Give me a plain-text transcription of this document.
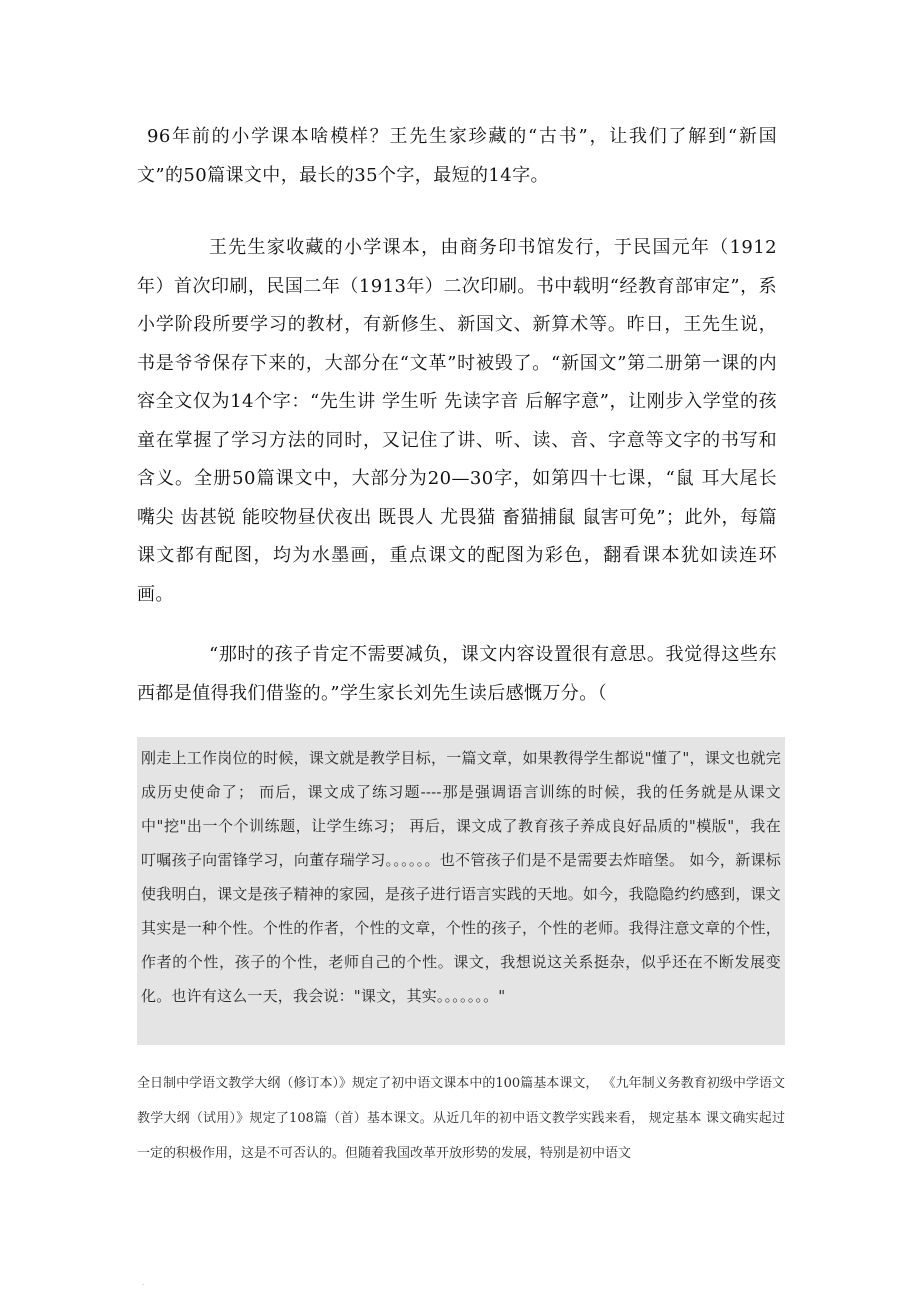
96年前的小学课本啥模样？王先生家珍藏的“古书”，让我们了解到“新国文”的50篇课文中，最长的35个字，最短的14字。

王先生家收藏的小学课本，由商务印书馆发行，于民国元年（1912年）首次印刷，民国二年（1913年）二次印刷。书中载明“经教育部审定”，系小学阶段所要学习的教材，有新修生、新国文、新算术等。昨日，王先生说，书是爷爷保存下来的，大部分在“文革”时被毁了。“新国文”第二册第一课的内容全文仅为14个字：“先生讲 学生听 先读字音 后解字意”，让刚步入学堂的孩童在掌握了学习方法的同时，又记住了讲、听、读、音、字意等文字的书写和含义。全册50篇课文中，大部分为20—30字，如第四十七课，“鼠 耳大尾长 嘴尖 齿甚锐 能咬物昼伏夜出 既畏人 尤畏猫 畜猫捕鼠 鼠害可免”；此外，每篇课文都有配图，均为水墨画，重点课文的配图为彩色，翻看课本犹如读连环画。

“那时的孩子肯定不需要减负，课文内容设置很有意思。我觉得这些东西都是值得我们借鉴的。”学生家长刘先生读后感慨万分。（

刚走上工作岗位的时候，课文就是教学目标，一篇文章，如果教得学生都说"懂了"，课文也就完成历史使命了； 而后，课文成了练习题----那是强调语言训练的时候，我的任务就是从课文中"挖"出一个个训练题，让学生练习； 再后，课文成了教育孩子养成良好品质的"模版"，我在叮嘱孩子向雷锋学习，向董存瑞学习。。。。。。也不管孩子们是不是需要去炸暗堡。 如今，新课标使我明白，课文是孩子精神的家园，是孩子进行语言实践的天地。如今，我隐隐约约感到，课文其实是一种个性。个性的作者，个性的文章，个性的孩子，个性的老师。我得注意文章的个性，作者的个性，孩子的个性，老师自己的个性。课文，我想说这关系挺杂，似乎还在不断发展变化。也许有这么一天，我会说："课文，其实。。。。。。。"

全日制中学语文教学大纲（修订本）》规定了初中语文课本中的100篇基本课文， 《九年制义务教育初级中学语文教学大纲（试用）》规定了108篇（首）基本课文。从近几年的初中语文教学实践来看， 规定基本 课文确实起过一定的积极作用，这是不可否认的。但随着我国改革开放形势的发展，特别是初中语文

.
